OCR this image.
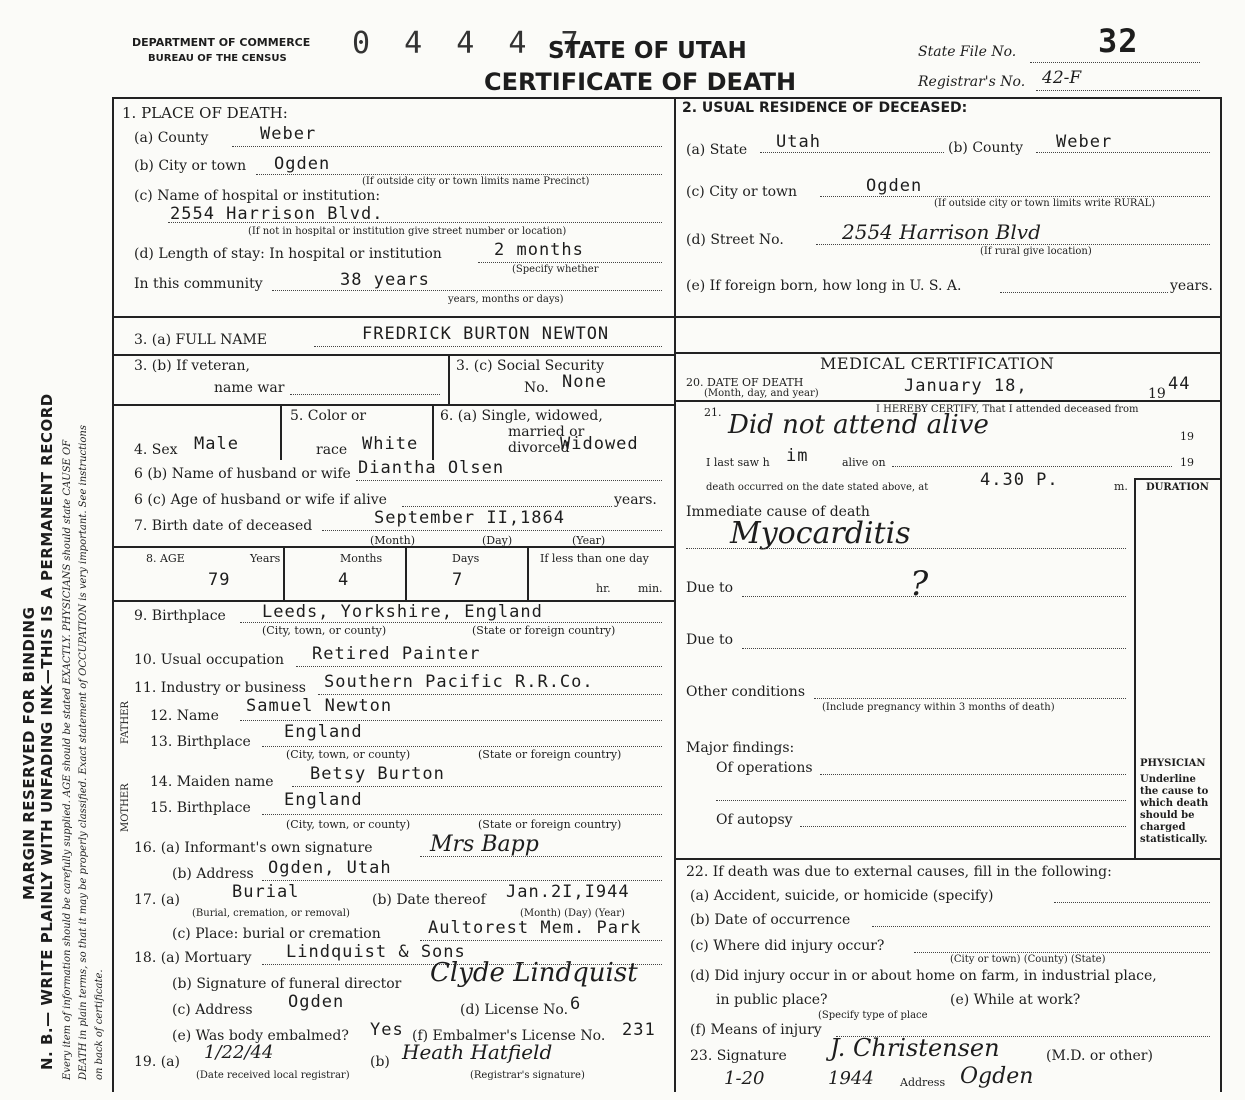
N. B.— WRITE PLAINLY WITH UNFADING INK—THIS IS A PERMANENT RECORD
MARGIN RESERVED FOR BINDING Every item of information should be carefully supplied. AGE should be stated EXACTLY. PHYSICIANS should state CAUSE OF DEATH in plain terms, so that it may be properly classified. Exact statement of OCCUPATION is very important. See instructions on back of certificate.
DEPARTMENT OF COMMERCE
BUREAU OF THE CENSUS 0 4 4 4 7
STATE OF UTAH
CERTIFICATE OF DEATH
State File No.	32
Registrar's No. 42-F
1. PLACE OF DEATH:
(a) County	Weber
(b) City or town Ogden
(If outside city or town limits name Precinct)
(c) Name of hospital or institution:
2554 Harrison Blvd.
(If not in hospital or institution give street number or location)
(d) Length of stay: In hospital or institution	2 months
(Specify whether
In this community	38 years
years, months or days)
2. USUAL RESIDENCE OF DECEASED:
(a) State Utah	(b) County Weber
(c) City or town	Ogden
(If outside city or town limits write RURAL)
(d) Street No.	2554 Harrison Blvd
(If rural give location)
(e) If foreign born, how long in U. S. A.	years.
3. (a) FULL NAME	FREDRICK BURTON NEWTON
3. (b) If veteran,
name war
3. (c) Social Security
No. None
4. Sex Male
5. Color or
race White
6. (a) Single, widowed,
married or
divorced
Widowed
6 (b) Name of husband or wife Diantha Olsen
6 (c) Age of husband or wife if alive	years.
7. Birth date of deceased	September II,1864
(Month)	(Day)	(Year)
8. AGE	Years	Months	Days	If less than one day
79	4	7	hr. min.
9. Birthplace Leeds, Yorkshire, England
(City, town, or county)	(State or foreign country)
10. Usual occupation Retired Painter
11. Industry or business Southern Pacific R.R.Co.
FATHER
MOTHER
12. Name Samuel Newton
13. Birthplace England
(City, town, or county)	(State or foreign country)
14. Maiden name Betsy Burton
15. Birthplace England
(City, town, or county)	(State or foreign country)
16. (a) Informant's own signature	Mrs Bapp
(b) Address Ogden, Utah
17. (a)	Burial
(Burial, cremation, or removal)
(b) Date thereof Jan.2I,I944
(Month) (Day) (Year)
(c) Place: burial or cremation	Aultorest Mem. Park
18. (a) Mortuary Lindquist & Sons
(b) Signature of funeral director Clyde Lindquist
(c) Address Ogden	(d) License No. 6
(e) Was body embalmed? Yes (f) Embalmer's License No. 231
19. (a) 1/22/44
(Date received local registrar)
(b) Heath Hatfield
(Registrar's signature)
MEDICAL CERTIFICATION
20. DATE OF DEATH
(Month, day, and year)	January 18,	19 44
21.	I HEREBY CERTIFY, That I attended deceased from
Did not attend alive	19
I last saw h im	alive on	19
death occurred on the date stated above, at	4.30 P.	m. DURATION
Immediate cause of death
Myocarditis
Due to	?
Due to
Other conditions
(Include pregnancy within 3 months of death)
Major findings:
Of operations
Of autopsy
PHYSICIAN
Underline the cause to which death should be charged statistically.
22. If death was due to external causes, fill in the following:
(a) Accident, suicide, or homicide (specify)
(b) Date of occurrence
(c) Where did injury occur?
(City or town) (County) (State)
(d) Did injury occur in or about home on farm, in industrial place,
in public place?
(Specify type of place
(e) While at work?
(f) Means of injury
23. Signature J. Christensen	(M.D. or other)
1-20	1944 Address Ogden
